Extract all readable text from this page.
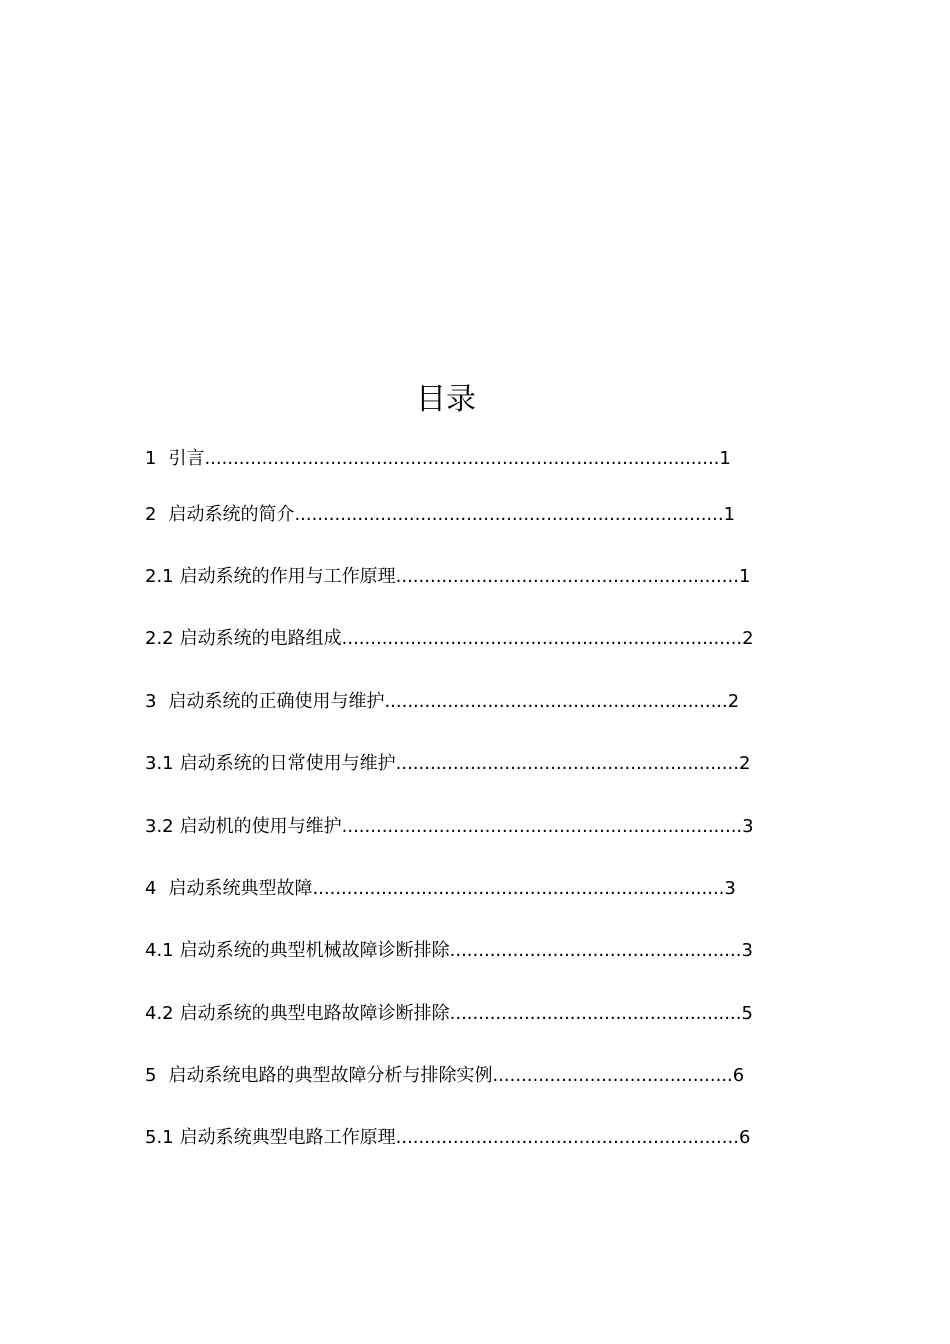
目录
1 引言..........................................................................................1
2 启动系统的简介...........................................................................1
2.1 启动系统的作用与工作原理............................................................1
2.2 启动系统的电路组成......................................................................2
3 启动系统的正确使用与维护............................................................2
3.1 启动系统的日常使用与维护............................................................2
3.2 启动机的使用与维护......................................................................3
4 启动系统典型故障........................................................................3
4.1 启动系统的典型机械故障诊断排除...................................................3
4.2 启动系统的典型电路故障诊断排除...................................................5
5 启动系统电路的典型故障分析与排除实例..........................................6
5.1 启动系统典型电路工作原理............................................................6
